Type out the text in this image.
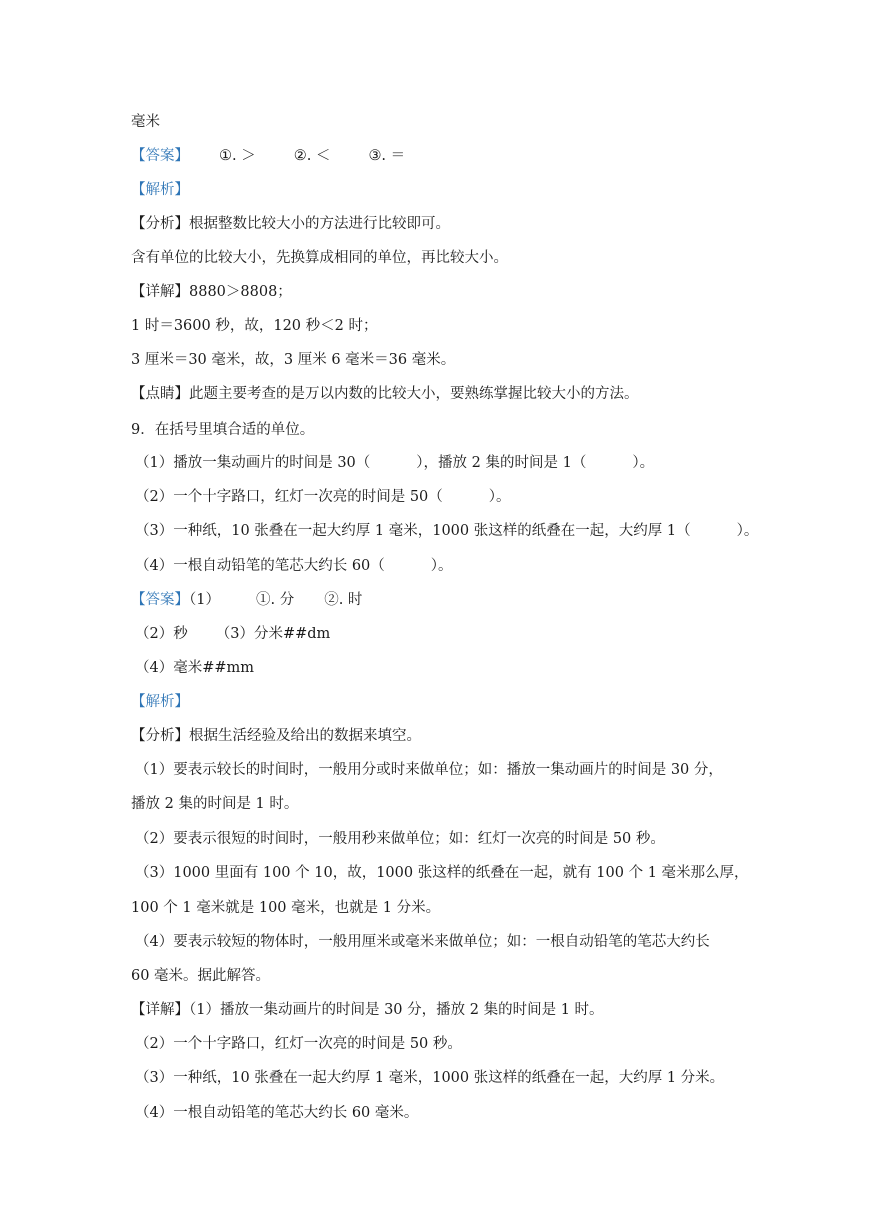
毫米
【答案】 ①. ＞	②. ＜	③. ＝
【解析】
【分析】根据整数比较大小的方法进行比较即可。
含有单位的比较大小，先换算成相同的单位，再比较大小。
【详解】8880＞8808；
1 时＝3600 秒，故，120 秒＜2 时；
3 厘米＝30 毫米，故，3 厘米 6 毫米＝36 毫米。
【点睛】此题主要考查的是万以内数的比较大小，要熟练掌握比较大小的方法。
9．在括号里填合适的单位。
（1）播放一集动画片的时间是 30（	），播放 2 集的时间是 1（	）。
（2）一个十字路口，红灯一次亮的时间是 50（	）。
（3）一种纸，10 张叠在一起大约厚 1 毫米，1000 张这样的纸叠在一起，大约厚 1（	）。
（4）一根自动铅笔的笔芯大约长 60（	）。
【答案】（1） ①. 分 ②. 时
（2）秒 （3）分米##dm
（4）毫米##mm
【解析】
【分析】根据生活经验及给出的数据来填空。
（1）要表示较长的时间时，一般用分或时来做单位；如：播放一集动画片的时间是 30 分，
播放 2 集的时间是 1 时。
（2）要表示很短的时间时，一般用秒来做单位；如：红灯一次亮的时间是 50 秒。
（3）1000 里面有 100 个 10，故，1000 张这样的纸叠在一起，就有 100 个 1 毫米那么厚，
100 个 1 毫米就是 100 毫米，也就是 1 分米。
（4）要表示较短的物体时，一般用厘米或毫米来做单位；如：一根自动铅笔的笔芯大约长
60 毫米。据此解答。
【详解】（1）播放一集动画片的时间是 30 分，播放 2 集的时间是 1 时。
（2）一个十字路口，红灯一次亮的时间是 50 秒。
（3）一种纸，10 张叠在一起大约厚 1 毫米，1000 张这样的纸叠在一起，大约厚 1 分米。
（4）一根自动铅笔的笔芯大约长 60 毫米。
